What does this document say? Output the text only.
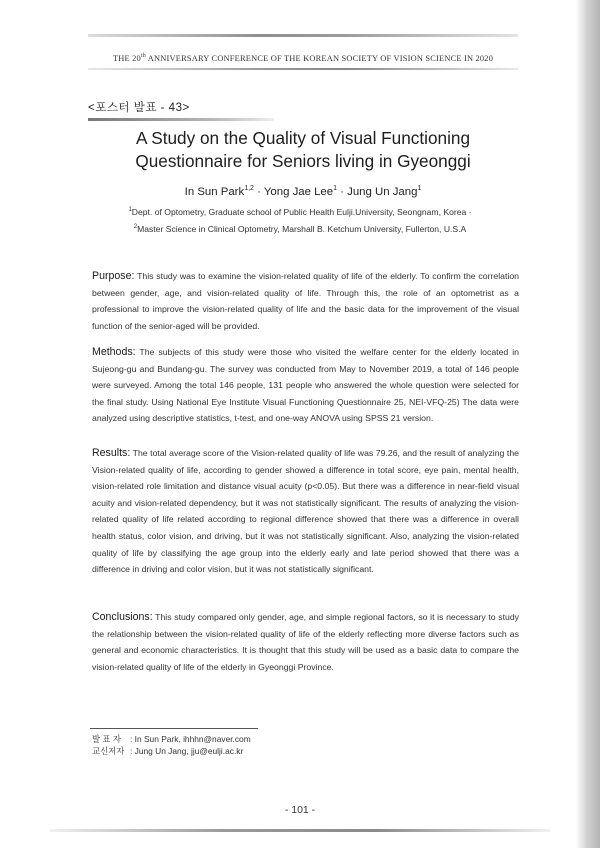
THE 20th ANNIVERSARY CONFERENCE OF THE KOREAN SOCIETY OF VISION SCIENCE IN 2020
<포스터 발표 - 43>
A Study on the Quality of Visual Functioning
Questionnaire for Seniors living in Gyeonggi
In Sun Park$^{1,2}$ · Yong Jae Lee$^1$ · Jung Un Jang$^1$
$^1$Dept. of Optometry, Graduate school of Public Health Eulji.University, Seongnam, Korea ·
$^2$Master Science in Clinical Optometry, Marshall B. Ketchum University, Fullerton, U.S.A
Purpose: This study was to examine the vision-related quality of life of the elderly. To confirm the correlation between gender, age, and vision-related quality of life. Through this, the role of an optometrist as a professional to improve the vision-related quality of life and the basic data for the improvement of the visual function of the senior-aged will be provided.
Methods: The subjects of this study were those who visited the welfare center for the elderly located in Sujeong-gu and Bundang-gu. The survey was conducted from May to November 2019, a total of 146 people were surveyed. Among the total 146 people, 131 people who answered the whole question were selected for the final study. Using National Eye Institute Visual Functioning Questionnaire 25, NEI-VFQ-25) The data were analyzed using descriptive statistics, t-test, and one-way ANOVA using SPSS 21 version.
Results: The total average score of the Vision-related quality of life was 79.26, and the result of analyzing the Vision-related quality of life, according to gender showed a difference in total score, eye pain, mental health, vision-related role limitation and distance visual acuity (p<0.05). But there was a difference in near-field visual acuity and vision-related dependency, but it was not statistically significant. The results of analyzing the vision-related quality of life related according to regional difference showed that there was a difference in overall health status, color vision, and driving, but it was not statistically significant. Also, analyzing the vision-related quality of life by classifying the age group into the elderly early and late period showed that there was a difference in driving and color vision, but it was not statistically significant.
Conclusions: This study compared only gender, age, and simple regional factors, so it is necessary to study the relationship between the vision-related quality of life of the elderly reflecting more diverse factors such as general and economic characteristics. It is thought that this study will be used as a basic data to compare the vision-related quality of life of the elderly in Gyeonggi Province.
발 표 자 : In Sun Park, ihhhn@naver.com
교신저자 : Jung Un Jang, jju@eulji.ac.kr
- 101 -
